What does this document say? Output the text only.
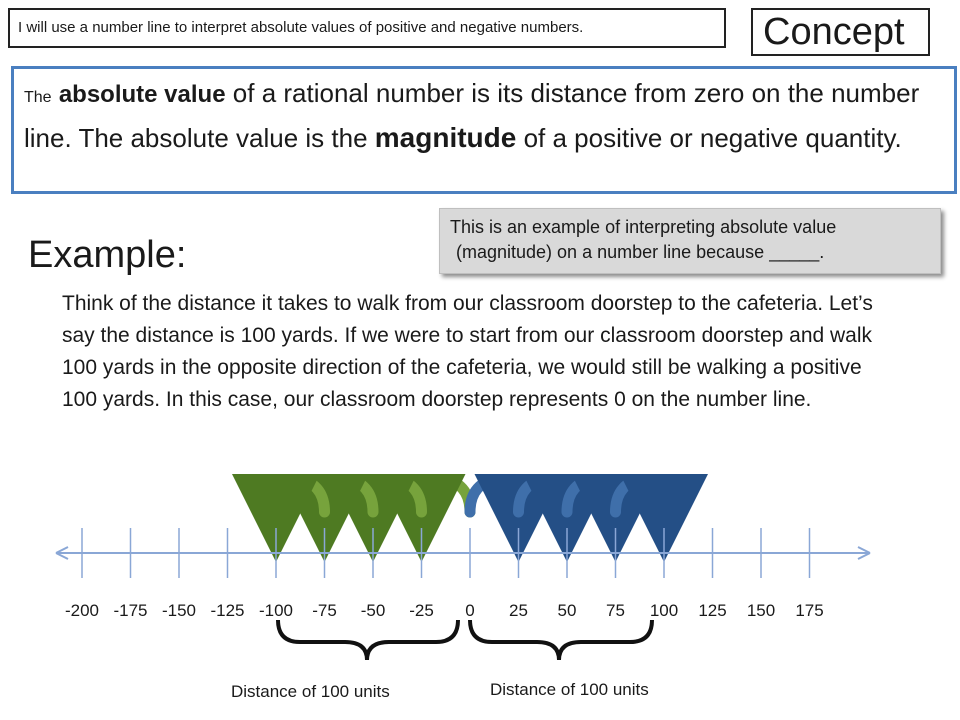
I will use a number line to interpret absolute values of positive and negative numbers.	Concept
The absolute value of a rational number is its distance from zero on the number line. The absolute value is the magnitude of a positive or negative quantity.
This is an example of interpreting absolute value
(magnitude) on a number line because _____.
Example:
Think of the distance it takes to walk from our classroom doorstep to the cafeteria. Let’s say the distance is 100 yards. If we were to start from our classroom doorstep and walk 100 yards in the opposite direction of the cafeteria, we would still be walking a positive 100 yards. In this case, our classroom doorstep represents 0 on the number line.
-200 -175 -150 -125 -100 -75 -50 -25 0 25 50 75 100 125 150 175
Distance of 100 units	Distance of 100 units
